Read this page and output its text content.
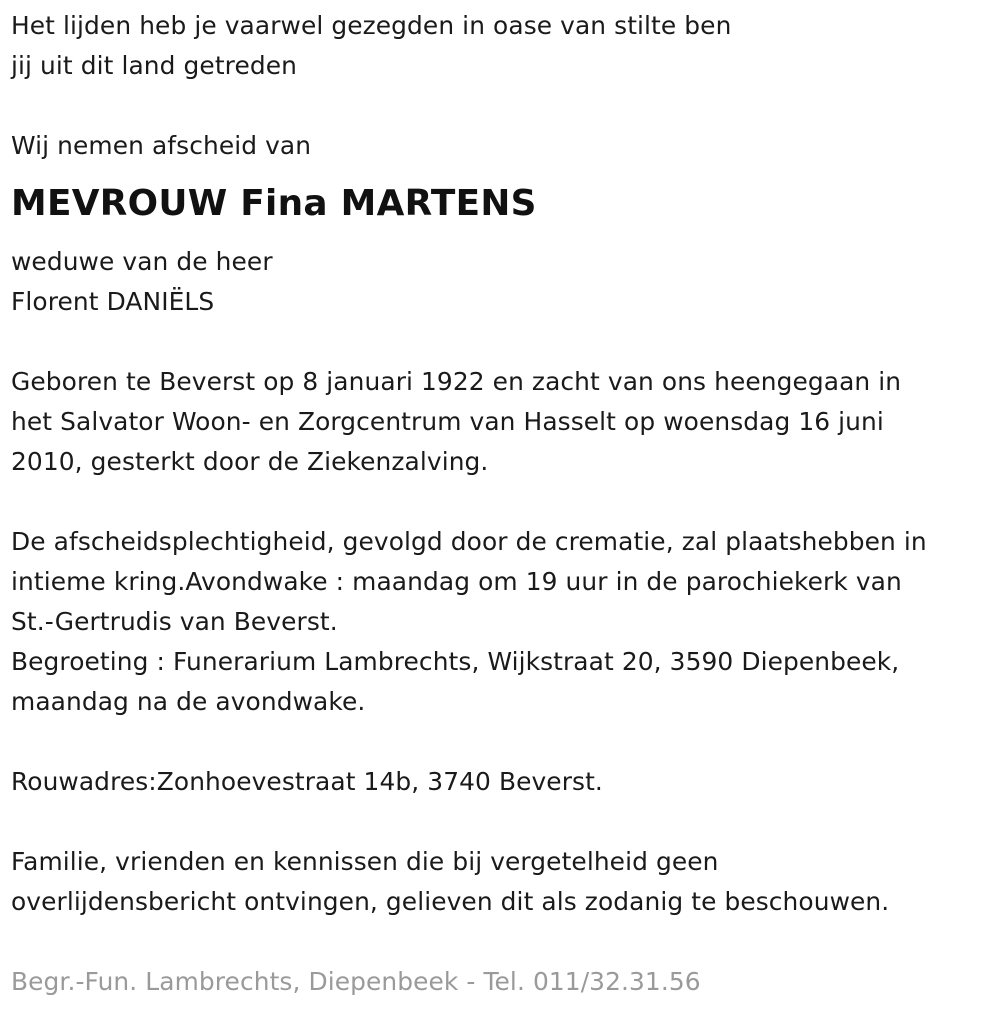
Het lijden heb je vaarwel gezegden in oase van stilte ben
jij uit dit land getreden
Wij nemen afscheid van
MEVROUW Fina MARTENS
weduwe van de heer
Florent DANIËLS
Geboren te Beverst op 8 januari 1922 en zacht van ons heengegaan in
het Salvator Woon- en Zorgcentrum van Hasselt op woensdag 16 juni
2010, gesterkt door de Ziekenzalving.
De afscheidsplechtigheid, gevolgd door de crematie, zal plaatshebben in
intieme kring.Avondwake : maandag om 19 uur in de parochiekerk van
St.-Gertrudis van Beverst.
Begroeting : Funerarium Lambrechts, Wijkstraat 20, 3590 Diepenbeek,
maandag na de avondwake.
Rouwadres:Zonhoevestraat 14b, 3740 Beverst.
Familie, vrienden en kennissen die bij vergetelheid geen
overlijdensbericht ontvingen, gelieven dit als zodanig te beschouwen.
Begr.-Fun. Lambrechts, Diepenbeek - Tel. 011/32.31.56
